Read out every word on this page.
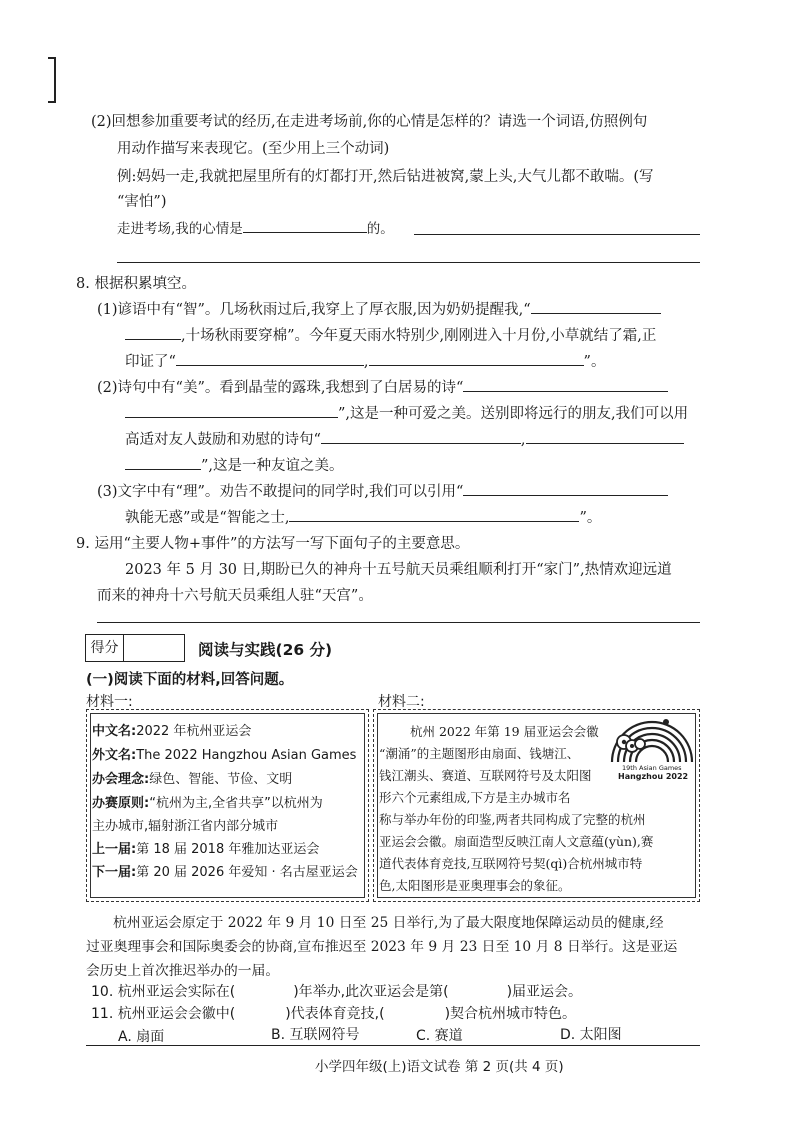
(2)回想参加重要考试的经历,在走进考场前,你的心情是怎样的？请选一个词语,仿照例句
用动作描写来表现它。(至少用上三个动词)
例:妈妈一走,我就把屋里所有的灯都打开,然后钻进被窝,蒙上头,大气儿都不敢喘。(写
“害怕”)
走进考场,我的心情是	的。
8. 根据积累填空。
(1)谚语中有“智”。几场秋雨过后,我穿上了厚衣服,因为奶奶提醒我,“
,十场秋雨要穿棉”。今年夏天雨水特别少,刚刚进入十月份,小草就结了霜,正
印证了“	,	”。
(2)诗句中有“美”。看到晶莹的露珠,我想到了白居易的诗“
”,这是一种可爱之美。送别即将远行的朋友,我们可以用
高适对友人鼓励和劝慰的诗句“	,
”,这是一种友谊之美。
(3)文字中有“理”。劝告不敢提问的同学时,我们可以引用“
孰能无惑”或是“智能之士,	”。
9. 运用“主要人物+事件”的方法写一写下面句子的主要意思。
2023 年 5 月 30 日,期盼已久的神舟十五号航天员乘组顺利打开“家门”,热情欢迎远道
而来的神舟十六号航天员乘组人驻“天宫”。
得分	阅读与实践(26 分)
(一)阅读下面的材料,回答问题。
材料一:	材料二:
中文名:2022 年杭州亚运会
外文名:The 2022 Hangzhou Asian Games
办会理念:绿色、智能、节俭、文明
办赛原则:“杭州为主,全省共享”以杭州为
主办城市,辐射浙江省内部分城市
上一届:第 18 届 2018 年雅加达亚运会
下一届:第 20 届 2026 年爱知 · 名古屋亚运会
杭州 2022 年第 19 届亚运会会徽
“潮涌”的主题图形由扇面、钱塘江、
钱江潮头、赛道、互联网符号及太阳图
形六个元素组成,下方是主办城市名
称与举办年份的印鉴,两者共同构成了完整的杭州
亚运会会徽。扇面造型反映江南人文意蕴(yùn),赛
道代表体育竞技,互联网符号契(qì)合杭州城市特
色,太阳图形是亚奥理事会的象征。
19th Asian Games
Hangzhou 2022
杭州亚运会原定于 2022 年 9 月 10 日至 25 日举行,为了最大限度地保障运动员的健康,经
过亚奥理事会和国际奥委会的协商,宣布推迟至 2023 年 9 月 23 日至 10 月 8 日举行。这是亚运
会历史上首次推迟举办的一届。
10. 杭州亚运会实际在(	)年举办,此次亚运会是第(	)届亚运会。
11. 杭州亚运会会徽中(	)代表体育竞技,(	)契合杭州城市特色。
A. 扇面	B. 互联网符号	C. 赛道	D. 太阳图
小学四年级(上)语文试卷 第 2 页(共 4 页)
